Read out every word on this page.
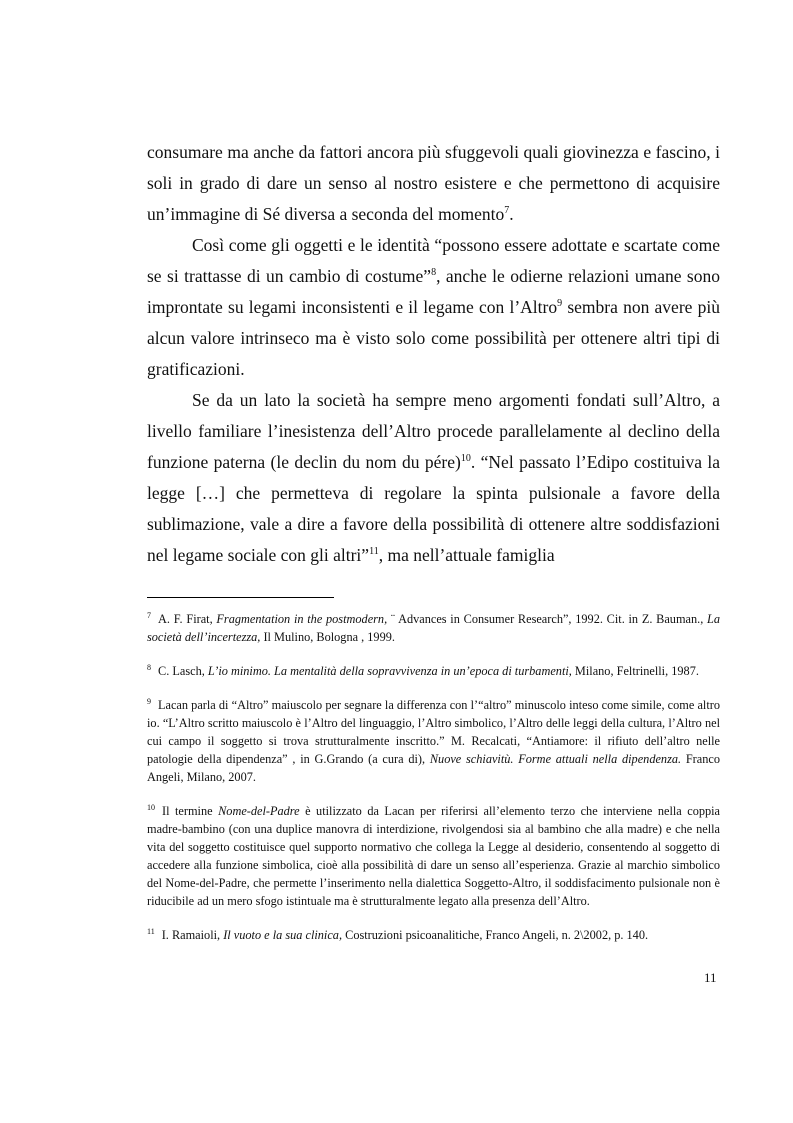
consumare ma anche da fattori ancora più sfuggevoli quali giovinezza e fascino, i soli in grado di dare un senso al nostro esistere e che permettono di acquisire un’immagine di Sé diversa a seconda del momento$^7$.

Così come gli oggetti e le identità “possono essere adottate e scartate come se si trattasse di un cambio di costume”$^8$, anche le odierne relazioni umane sono improntate su legami inconsistenti e il legame con l’Altro$^9$ sembra non avere più alcun valore intrinseco ma è visto solo come possibilità per ottenere altri tipi di gratificazioni.

Se da un lato la società ha sempre meno argomenti fondati sull’Altro, a livello familiare l’inesistenza dell’Altro procede parallelamente al declino della funzione paterna (le declin du nom du pére)$^{10}$. “Nel passato l’Edipo costituiva la legge […] che permetteva di regolare la spinta pulsionale a favore della sublimazione, vale a dire a favore della possibilità di ottenere altre soddisfazioni nel legame sociale con gli altri”$^{11}$, ma nell’attuale famiglia

$^7$ A. F. Firat, Fragmentation in the postmodern, ¨ Advances in Consumer Research”, 1992. Cit. in Z. Bauman., La società dell’incertezza, Il Mulino, Bologna , 1999.

$^8$ C. Lasch, L’io minimo. La mentalità della sopravvivenza in un’epoca di turbamenti, Milano, Feltrinelli, 1987.

$^9$ Lacan parla di “Altro” maiuscolo per segnare la differenza con l’“altro” minuscolo inteso come simile, come altro io. “L’Altro scritto maiuscolo è l’Altro del linguaggio, l’Altro simbolico, l’Altro delle leggi della cultura, l’Altro nel cui campo il soggetto si trova strutturalmente inscritto.” M. Recalcati, “Antiamore: il rifiuto dell’altro nelle patologie della dipendenza” , in G.Grando (a cura di), Nuove schiavitù. Forme attuali nella dipendenza. Franco Angeli, Milano, 2007.

$^{10}$ Il termine Nome-del-Padre è utilizzato da Lacan per riferirsi all’elemento terzo che interviene nella coppia madre-bambino (con una duplice manovra di interdizione, rivolgendosi sia al bambino che alla madre) e che nella vita del soggetto costituisce quel supporto normativo che collega la Legge al desiderio, consentendo al soggetto di accedere alla funzione simbolica, cioè alla possibilità di dare un senso all’esperienza. Grazie al marchio simbolico del Nome-del-Padre, che permette l’inserimento nella dialettica Soggetto-Altro, il soddisfacimento pulsionale non è riducibile ad un mero sfogo istintuale ma è strutturalmente legato alla presenza dell’Altro.

$^{11}$ I. Ramaioli, Il vuoto e la sua clinica, Costruzioni psicoanalitiche, Franco Angeli, n. 2\2002, p. 140.

11
